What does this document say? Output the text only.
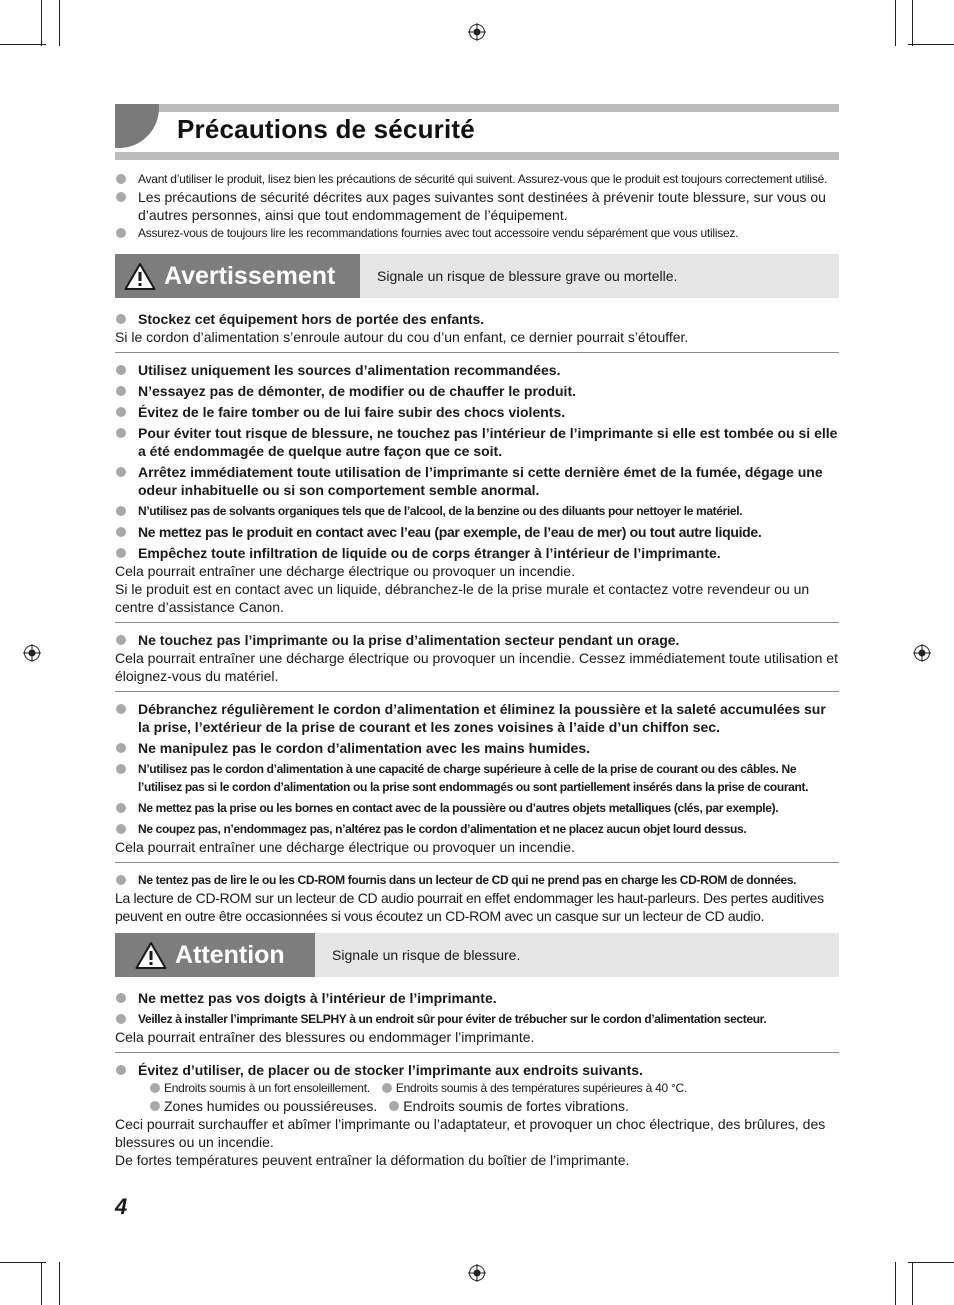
Précautions de sécurité

Avant d’utiliser le produit, lisez bien les précautions de sécurité qui suivent. Assurez-vous que le produit est toujours correctement utilisé.

Les précautions de sécurité décrites aux pages suivantes sont destinées à prévenir toute blessure, sur vous ou d’autres personnes, ainsi que tout endommagement de l’équipement.

Assurez-vous de toujours lire les recommandations fournies avec tout accessoire vendu séparément que vous utilisez.

Avertissement	Signale un risque de blessure grave ou mortelle.

Stockez cet équipement hors de portée des enfants.

Si le cordon d’alimentation s’enroule autour du cou d’un enfant, ce dernier pourrait s’étouffer.

Utilisez uniquement les sources d’alimentation recommandées.

N’essayez pas de démonter, de modifier ou de chauffer le produit.

Évitez de le faire tomber ou de lui faire subir des chocs violents.

Pour éviter tout risque de blessure, ne touchez pas l’intérieur de l’imprimante si elle est tombée ou si elle a été endommagée de quelque autre façon que ce soit.

Arrêtez immédiatement toute utilisation de l’imprimante si cette dernière émet de la fumée, dégage une odeur inhabituelle ou si son comportement semble anormal.

N’utilisez pas de solvants organiques tels que de l’alcool, de la benzine ou des diluants pour nettoyer le matériel.

Ne mettez pas le produit en contact avec l’eau (par exemple, de l’eau de mer) ou tout autre liquide.

Empêchez toute infiltration de liquide ou de corps étranger à l’intérieur de l’imprimante.

Cela pourrait entraîner une décharge électrique ou provoquer un incendie.

Si le produit est en contact avec un liquide, débranchez-le de la prise murale et contactez votre revendeur ou un centre d’assistance Canon.

Ne touchez pas l’imprimante ou la prise d’alimentation secteur pendant un orage.

Cela pourrait entraîner une décharge électrique ou provoquer un incendie. Cessez immédiatement toute utilisation et éloignez-vous du matériel.

Débranchez régulièrement le cordon d’alimentation et éliminez la poussière et la saleté accumulées sur la prise, l’extérieur de la prise de courant et les zones voisines à l’aide d’un chiffon sec.

Ne manipulez pas le cordon d’alimentation avec les mains humides.

N’utilisez pas le cordon d’alimentation à une capacité de charge supérieure à celle de la prise de courant ou des câbles. Ne l’utilisez pas si le cordon d’alimentation ou la prise sont endommagés ou sont partiellement insérés dans la prise de courant.

Ne mettez pas la prise ou les bornes en contact avec de la poussière ou d’autres objets metalliques (clés, par exemple).

Ne coupez pas, n’endommagez pas, n’altérez pas le cordon d’alimentation et ne placez aucun objet lourd dessus.

Cela pourrait entraîner une décharge électrique ou provoquer un incendie.

Ne tentez pas de lire le ou les CD-ROM fournis dans un lecteur de CD qui ne prend pas en charge les CD-ROM de données.

La lecture de CD-ROM sur un lecteur de CD audio pourrait en effet endommager les haut-parleurs. Des pertes auditives peuvent en outre être occasionnées si vous écoutez un CD-ROM avec un casque sur un lecteur de CD audio.

Attention	Signale un risque de blessure.

Ne mettez pas vos doigts à l’intérieur de l’imprimante.

Veillez à installer l’imprimante SELPHY à un endroit sûr pour éviter de trébucher sur le cordon d’alimentation secteur.

Cela pourrait entraîner des blessures ou endommager l’imprimante.

Évitez d’utiliser, de placer ou de stocker l’imprimante aux endroits suivants.

Endroits soumis à un fort ensoleillement.	Endroits soumis à des températures supérieures à 40 °C.
Zones humides ou poussiéreuses.	Endroits soumis de fortes vibrations.

Ceci pourrait surchauffer et abîmer l’imprimante ou l’adaptateur, et provoquer un choc électrique, des brûlures, des blessures ou un incendie.

De fortes températures peuvent entraîner la déformation du boîtier de l’imprimante.

4
